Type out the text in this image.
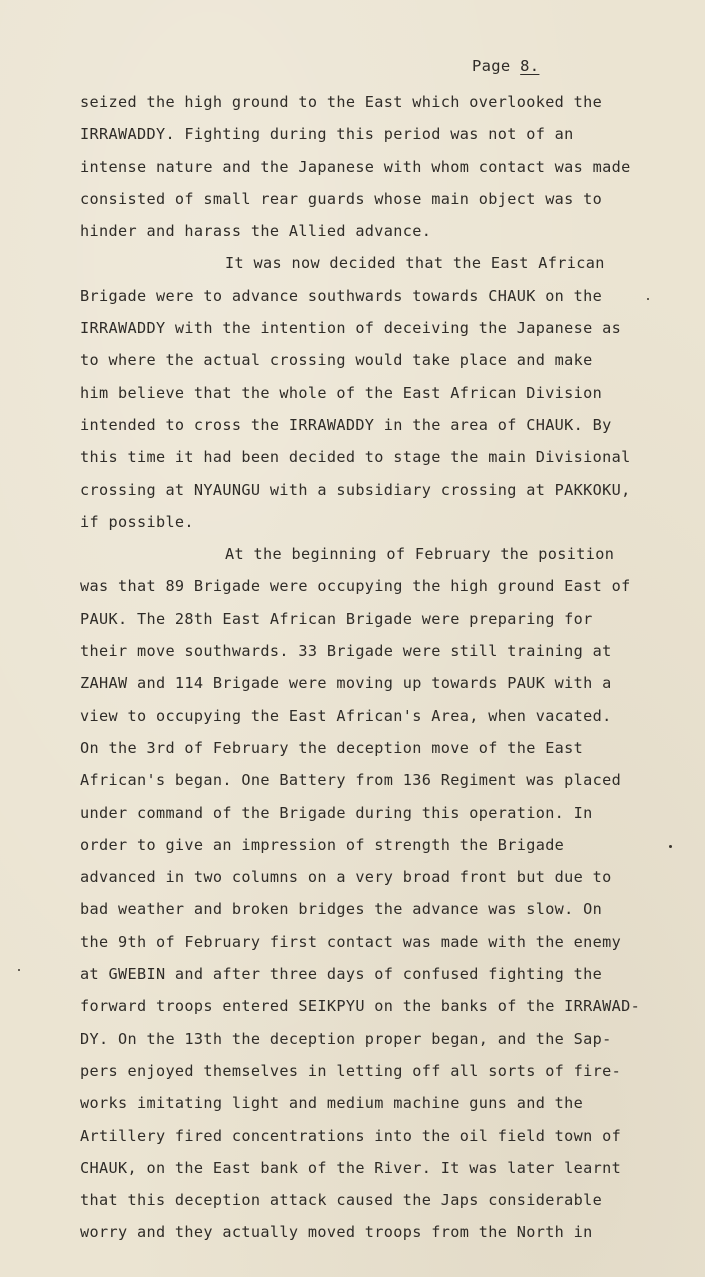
Page 8.
seized the high ground to the East which overlooked the
IRRAWADDY. Fighting during this period was not of an
intense nature and the Japanese with whom contact was made
consisted of small rear guards whose main object was to
hinder and harass the Allied advance.
It was now decided that the East African
Brigade were to advance southwards towards CHAUK on the
IRRAWADDY with the intention of deceiving the Japanese as
to where the actual crossing would take place and make
him believe that the whole of the East African Division
intended to cross the IRRAWADDY in the area of CHAUK. By
this time it had been decided to stage the main Divisional
crossing at NYAUNGU with a subsidiary crossing at PAKKOKU,
if possible.
At the beginning of February the position
was that 89 Brigade were occupying the high ground East of
PAUK. The 28th East African Brigade were preparing for
their move southwards. 33 Brigade were still training at
ZAHAW and 114 Brigade were moving up towards PAUK with a
view to occupying the East African's Area, when vacated.
On the 3rd of February the deception move of the East
African's began. One Battery from 136 Regiment was placed
under command of the Brigade during this operation. In
order to give an impression of strength the Brigade
advanced in two columns on a very broad front but due to
bad weather and broken bridges the advance was slow. On
the 9th of February first contact was made with the enemy
at GWEBIN and after three days of confused fighting the
forward troops entered SEIKPYU on the banks of the IRRAWAD-
DY. On the 13th the deception proper began, and the Sap-
pers enjoyed themselves in letting off all sorts of fire-
works imitating light and medium machine guns and the
Artillery fired concentrations into the oil field town of
CHAUK, on the East bank of the River. It was later learnt
that this deception attack caused the Japs considerable
worry and they actually moved troops from the North in
